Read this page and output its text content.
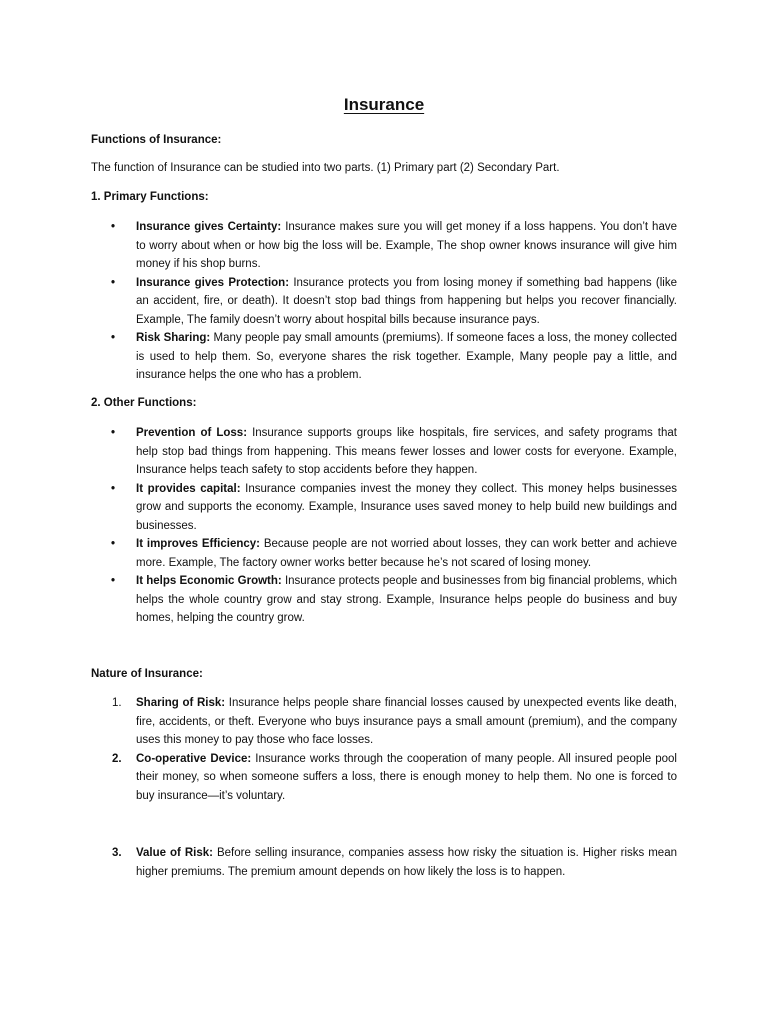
Insurance
Functions of Insurance:
The function of Insurance can be studied into two parts. (1) Primary part (2) Secondary Part.
1. Primary Functions:
•	Insurance gives Certainty: Insurance makes sure you will get money if a loss happens. You don’t have to worry about when or how big the loss will be. Example, The shop owner knows insurance will give him money if his shop burns.
•	Insurance gives Protection: Insurance protects you from losing money if something bad happens (like an accident, fire, or death). It doesn’t stop bad things from happening but helps you recover financially. Example, The family doesn’t worry about hospital bills because insurance pays.
•	Risk Sharing: Many people pay small amounts (premiums). If someone faces a loss, the money collected is used to help them. So, everyone shares the risk together. Example, Many people pay a little, and insurance helps the one who has a problem.
2. Other Functions:
•	Prevention of Loss: Insurance supports groups like hospitals, fire services, and safety programs that help stop bad things from happening. This means fewer losses and lower costs for everyone. Example, Insurance helps teach safety to stop accidents before they happen.
•	It provides capital: Insurance companies invest the money they collect. This money helps businesses grow and supports the economy. Example, Insurance uses saved money to help build new buildings and businesses.
•	It improves Efficiency: Because people are not worried about losses, they can work better and achieve more. Example, The factory owner works better because he’s not scared of losing money.
•	It helps Economic Growth: Insurance protects people and businesses from big financial problems, which helps the whole country grow and stay strong. Example, Insurance helps people do business and buy homes, helping the country grow.
Nature of Insurance:
1.	Sharing of Risk: Insurance helps people share financial losses caused by unexpected events like death, fire, accidents, or theft. Everyone who buys insurance pays a small amount (premium), and the company uses this money to pay those who face losses.
2.	Co-operative Device: Insurance works through the cooperation of many people. All insured people pool their money, so when someone suffers a loss, there is enough money to help them. No one is forced to buy insurance—it’s voluntary.
3.	Value of Risk: Before selling insurance, companies assess how risky the situation is. Higher risks mean higher premiums. The premium amount depends on how likely the loss is to happen.
